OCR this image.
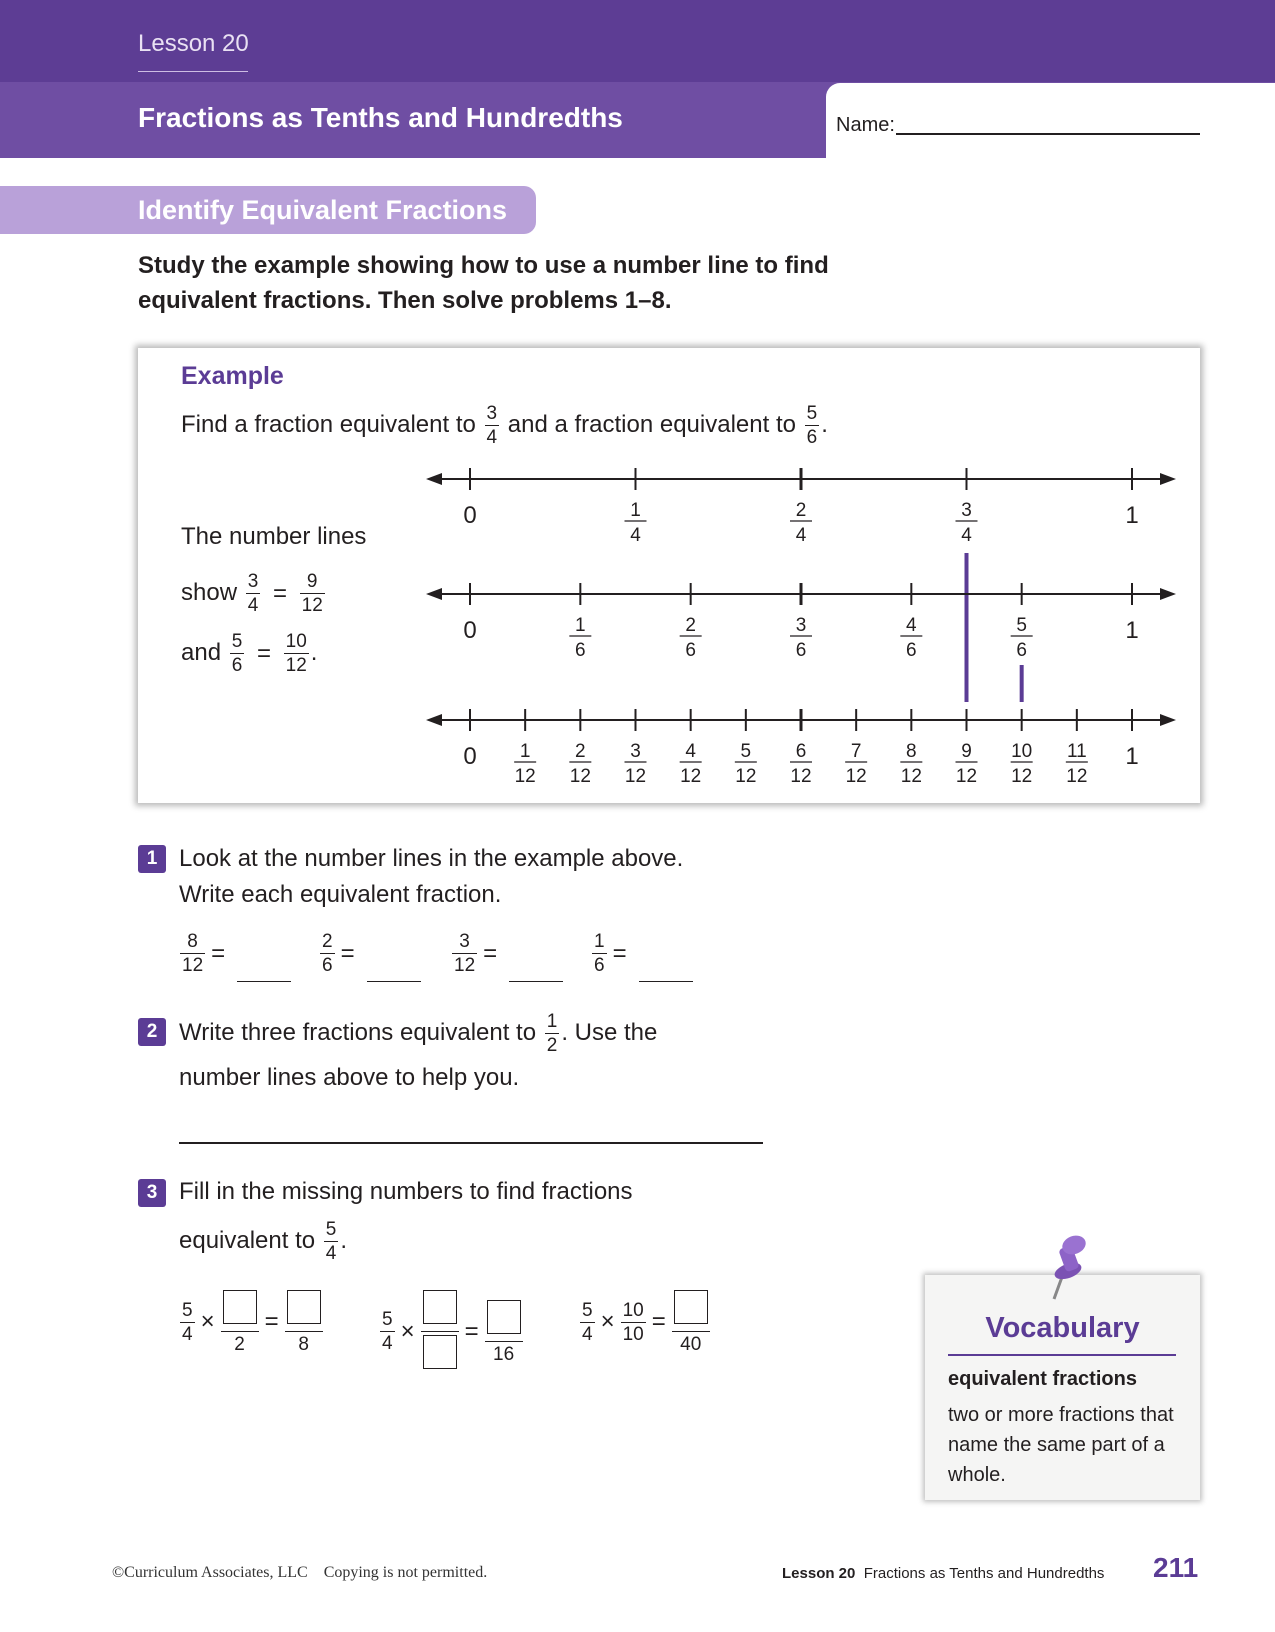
Lesson 20
Fractions as Tenths and Hundredths	Name:
Identify Equivalent Fractions
Study the example showing how to use a number line to find equivalent fractions. Then solve problems 1–8.
Example
Find a fraction equivalent to $\frac{3}{4}$ and a fraction equivalent to $\frac{5}{6}$ .
The number lines
show $\frac{3}{4} = \frac{9}{12}$
and $\frac{5}{6} = \frac{10}{12}$ .
0	1
1
4
2
4
3
4
0	1
1
6
2
6
3
6
4
6
5
6
0	1
1
12
2
12
3
12
4
12
5
12
6
12
7
12
8
12
9
12
10
12
11
12
1 Look at the number lines in the example above.
Write each equivalent fraction.
$\frac{8}{12}$ =	$\frac{2}{6}$ =	$\frac{3}{12}$ =	$\frac{1}{6}$ =
2 Write three fractions equivalent to $\frac{1}{2}$ . Use the
number lines above to help you.
3 Fill in the missing numbers to find fractions
equivalent to $\frac{5}{4}$ .
$\frac{5}{4}$ ×
2
=
8	$\frac{5}{4}$ × =
16
$\frac{5}{4} \times \frac{10}{10}$ =
40
Vocabulary
equivalent fractions
two or more fractions that name the same part of a whole.
©Curriculum Associates, LLC    Copying is not permitted.	Lesson 20 Fractions as Tenths and Hundredths 211
